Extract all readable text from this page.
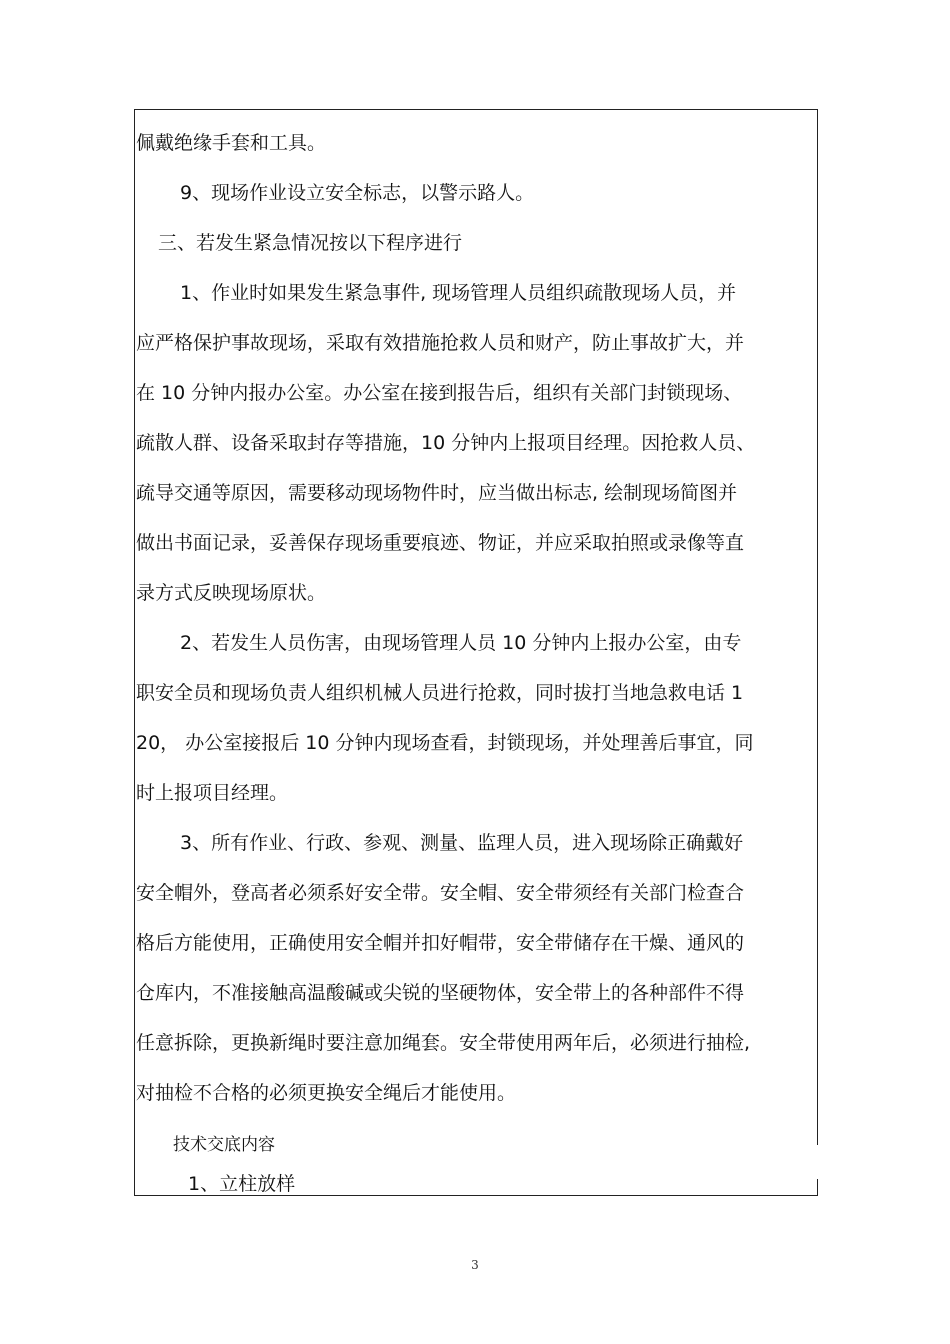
佩戴绝缘手套和工具。
9、现场作业设立安全标志，以警示路人。
三、若发生紧急情况按以下程序进行
1、作业时如果发生紧急事件, 现场管理人员组织疏散现场人员，并
应严格保护事故现场，采取有效措施抢救人员和财产，防止事故扩大，并
在 10 分钟内报办公室。办公室在接到报告后，组织有关部门封锁现场、
疏散人群、设备采取封存等措施，10 分钟内上报项目经理。因抢救人员、
疏导交通等原因，需要移动现场物件时，应当做出标志, 绘制现场简图并
做出书面记录，妥善保存现场重要痕迹、物证，并应采取拍照或录像等直
录方式反映现场原状。
2、若发生人员伤害，由现场管理人员 10 分钟内上报办公室，由专
职安全员和现场负责人组织机械人员进行抢救，同时拔打当地急救电话 1
20， 办公室接报后 10 分钟内现场查看，封锁现场，并处理善后事宜，同
时上报项目经理。
3、所有作业、行政、参观、测量、监理人员，进入现场除正确戴好
安全帽外，登高者必须系好安全带。安全帽、安全带须经有关部门检查合
格后方能使用，正确使用安全帽并扣好帽带，安全带储存在干燥、通风的
仓库内，不准接触高温酸碱或尖锐的坚硬物体，安全带上的各种部件不得
任意拆除，更换新绳时要注意加绳套。安全带使用两年后，必须进行抽检,
对抽检不合格的必须更换安全绳后才能使用。
技术交底内容
1、立柱放样
3
